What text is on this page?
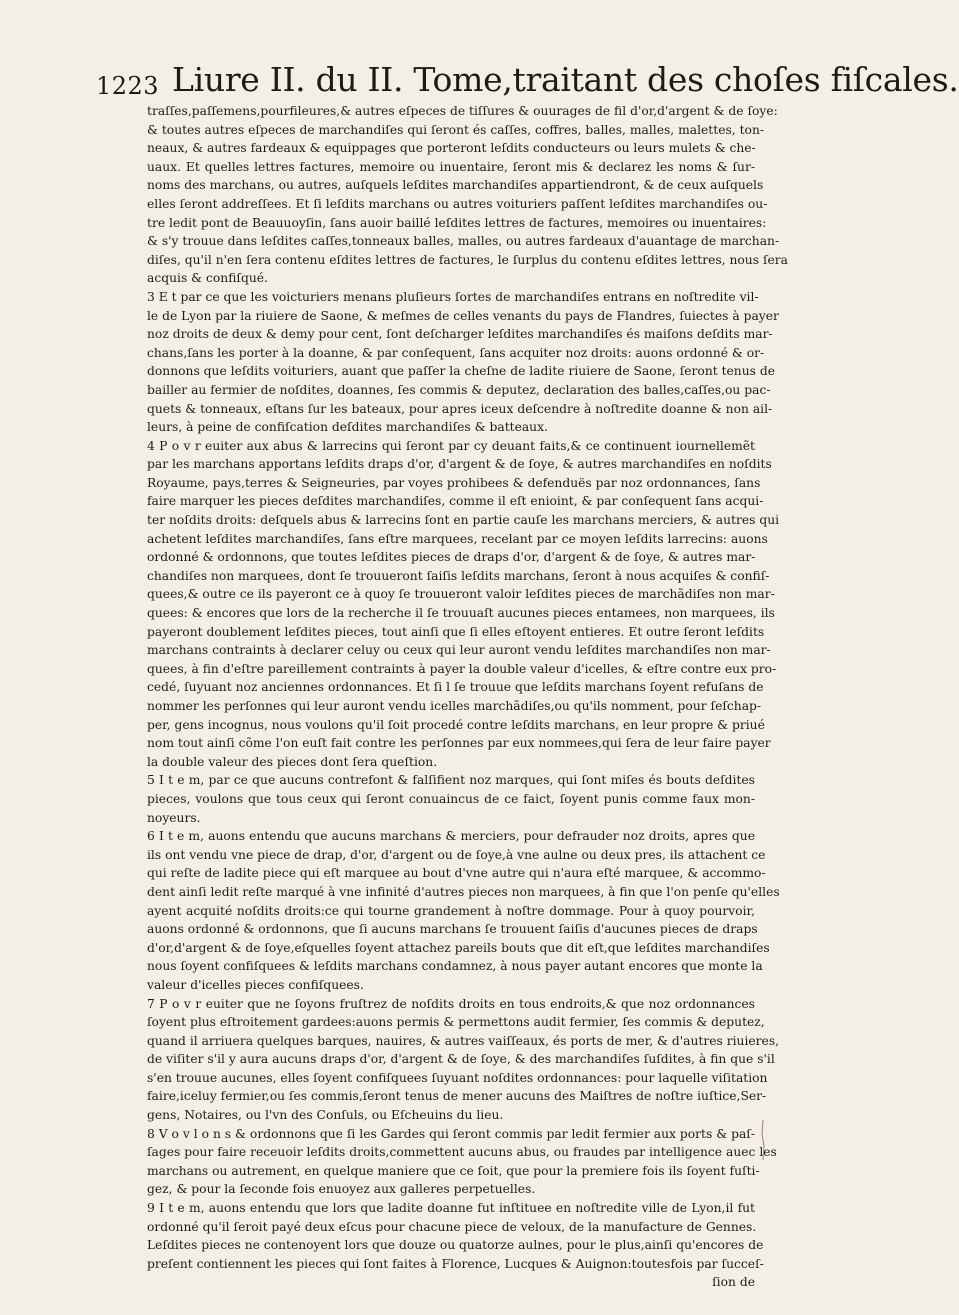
1223 Liure II. du II. Tome,traitant des choſes fiſcales.
traſſes,paſſemens,pourfileures,& autres eſpeces de tiſſures & ouurages de fil d'or,d'argent & de ſoye:
& toutes autres eſpeces de marchandiſes qui ſeront és caſſes, coffres, balles, malles, malettes, ton-
neaux, & autres fardeaux & equippages que porteront leſdits conducteurs ou leurs mulets & che-
uaux. Et quelles lettres factures, memoire ou inuentaire, ſeront mis & declarez les noms & ſur-
noms des marchans, ou autres, auſquels leſdites marchandiſes appartiendront, & de ceux auſquels
elles ſeront addreſſees. Et ſi leſdits marchans ou autres voituriers paſſent leſdites marchandiſes ou-
tre ledit pont de Beauuoyſin, ſans auoir baillé leſdites lettres de factures, memoires ou inuentaires:
& s'y trouue dans leſdites caſſes,tonneaux balles, malles, ou autres fardeaux d'auantage de marchan-
diſes, qu'il n'en ſera contenu eſdites lettres de factures, le ſurplus du contenu eſdites lettres, nous ſera
acquis & confiſqué.
3 E t par ce que les voicturiers menans pluſieurs ſortes de marchandiſes entrans en noſtredite vil-
le de Lyon par la riuiere de Saone, & meſmes de celles venants du pays de Flandres, ſuiectes à payer
noz droits de deux & demy pour cent, ſont deſcharger leſdites marchandiſes és maiſons deſdits mar-
chans,ſans les porter à la doanne, & par conſequent, ſans acquiter noz droits: auons ordonné & or-
donnons que leſdits voituriers, auant que paſſer la cheſne de ladite riuiere de Saone, ſeront tenus de
bailler au fermier de noſdites, doannes, ſes commis & deputez, declaration des balles,caſſes,ou pac-
quets & tonneaux, eſtans ſur les bateaux, pour apres iceux deſcendre à noſtredite doanne & non ail-
leurs, à peine de confiſcation deſdites marchandiſes & batteaux.
4 P o v r euiter aux abus & larrecins qui ſeront par cy deuant faits,& ce continuent iournellemẽt
par les marchans apportans leſdits draps d'or, d'argent & de ſoye, & autres marchandiſes en noſdits
Royaume, pays,terres & Seigneuries, par voyes prohibees & defenduës par noz ordonnances, ſans
faire marquer les pieces deſdites marchandiſes, comme il eſt enioint, & par conſequent ſans acqui-
ter noſdits droits: deſquels abus & larrecins ſont en partie cauſe les marchans merciers, & autres qui
achetent leſdites marchandiſes, ſans eſtre marquees, recelant par ce moyen leſdits larrecins: auons
ordonné & ordonnons, que toutes leſdites pieces de draps d'or, d'argent & de ſoye, & autres mar-
chandiſes non marquees, dont ſe trouueront ſaiſis leſdits marchans, ſeront à nous acquiſes & confiſ-
quees,& outre ce ils payeront ce à quoy ſe trouueront valoir leſdites pieces de marchãdiſes non mar-
quees: & encores que lors de la recherche il ſe trouuaſt aucunes pieces entamees, non marquees, ils
payeront doublement leſdites pieces, tout ainſi que ſi elles eſtoyent entieres. Et outre ſeront leſdits
marchans contraints à declarer celuy ou ceux qui leur auront vendu leſdites marchandiſes non mar-
quees, à fin d'eſtre pareillement contraints à payer la double valeur d'icelles, & eſtre contre eux pro-
cedé, ſuyuant noz anciennes ordonnances. Et ſi l ſe trouue que leſdits marchans ſoyent refuſans de
nommer les perſonnes qui leur auront vendu icelles marchãdiſes,ou qu'ils nomment, pour ſeſchap-
per, gens incognus, nous voulons qu'il ſoit procedé contre leſdits marchans, en leur propre & priué
nom tout ainſi cõme l'on euſt fait contre les perſonnes par eux nommees,qui ſera de leur faire payer
la double valeur des pieces dont ſera queſtion.
5 I t e m, par ce que aucuns contrefont & falſifient noz marques, qui ſont miſes és bouts deſdites
pieces, voulons que tous ceux qui ſeront conuaincus de ce faict, ſoyent punis comme faux mon-
noyeurs.
6 I t e m, auons entendu que aucuns marchans & merciers, pour defrauder noz droits, apres que
ils ont vendu vne piece de drap, d'or, d'argent ou de ſoye,à vne aulne ou deux pres, ils attachent ce
qui reſte de ladite piece qui eſt marquee au bout d'vne autre qui n'aura eſté marquee, & accommo-
dent ainſi ledit reſte marqué à vne infinité d'autres pieces non marquees, à fin que l'on penſe qu'elles
ayent acquité noſdits droits:ce qui tourne grandement à noſtre dommage. Pour à quoy pourvoir,
auons ordonné & ordonnons, que ſi aucuns marchans ſe trouuent ſaiſis d'aucunes pieces de draps
d'or,d'argent & de ſoye,eſquelles ſoyent attachez pareils bouts que dit eſt,que leſdites marchandiſes
nous ſoyent confiſquees & leſdits marchans condamnez, à nous payer autant encores que monte la
valeur d'icelles pieces confiſquees.
7 P o v r euiter que ne ſoyons fruſtrez de noſdits droits en tous endroits,& que noz ordonnances
ſoyent plus eſtroitement gardees:auons permis & permettons audit fermier, ſes commis & deputez,
quand il arriuera quelques barques, nauires, & autres vaiſſeaux, és ports de mer, & d'autres riuieres,
de viſiter s'il y aura aucuns draps d'or, d'argent & de ſoye, & des marchandiſes ſuſdites, à fin que s'il
s'en trouue aucunes, elles ſoyent confiſquees ſuyuant noſdites ordonnances: pour laquelle viſitation
faire,iceluy fermier,ou ſes commis,ſeront tenus de mener aucuns des Maiſtres de noſtre iuſtice,Ser-
gens, Notaires, ou l'vn des Conſuls, ou Eſcheuins du lieu.
8 V o v l o n s & ordonnons que ſi les Gardes qui ſeront commis par ledit fermier aux ports & paſ-
ſages pour faire receuoir leſdits droits,commettent aucuns abus, ou fraudes par intelligence auec les
marchans ou autrement, en quelque maniere que ce ſoit, que pour la premiere fois ils ſoyent fuſti-
gez, & pour la ſeconde fois enuoyez aux galleres perpetuelles.
9 I t e m, auons entendu que lors que ladite doanne fut inſtituee en noſtredite ville de Lyon,il fut
ordonné qu'il ſeroit payé deux eſcus pour chacune piece de veloux, de la manufacture de Gennes.
Leſdites pieces ne contenoyent lors que douze ou quatorze aulnes, pour le plus,ainſi qu'encores de
preſent contiennent les pieces qui ſont faites à Florence, Lucques & Auignon:toutesfois par ſucceſ-
ſion de
